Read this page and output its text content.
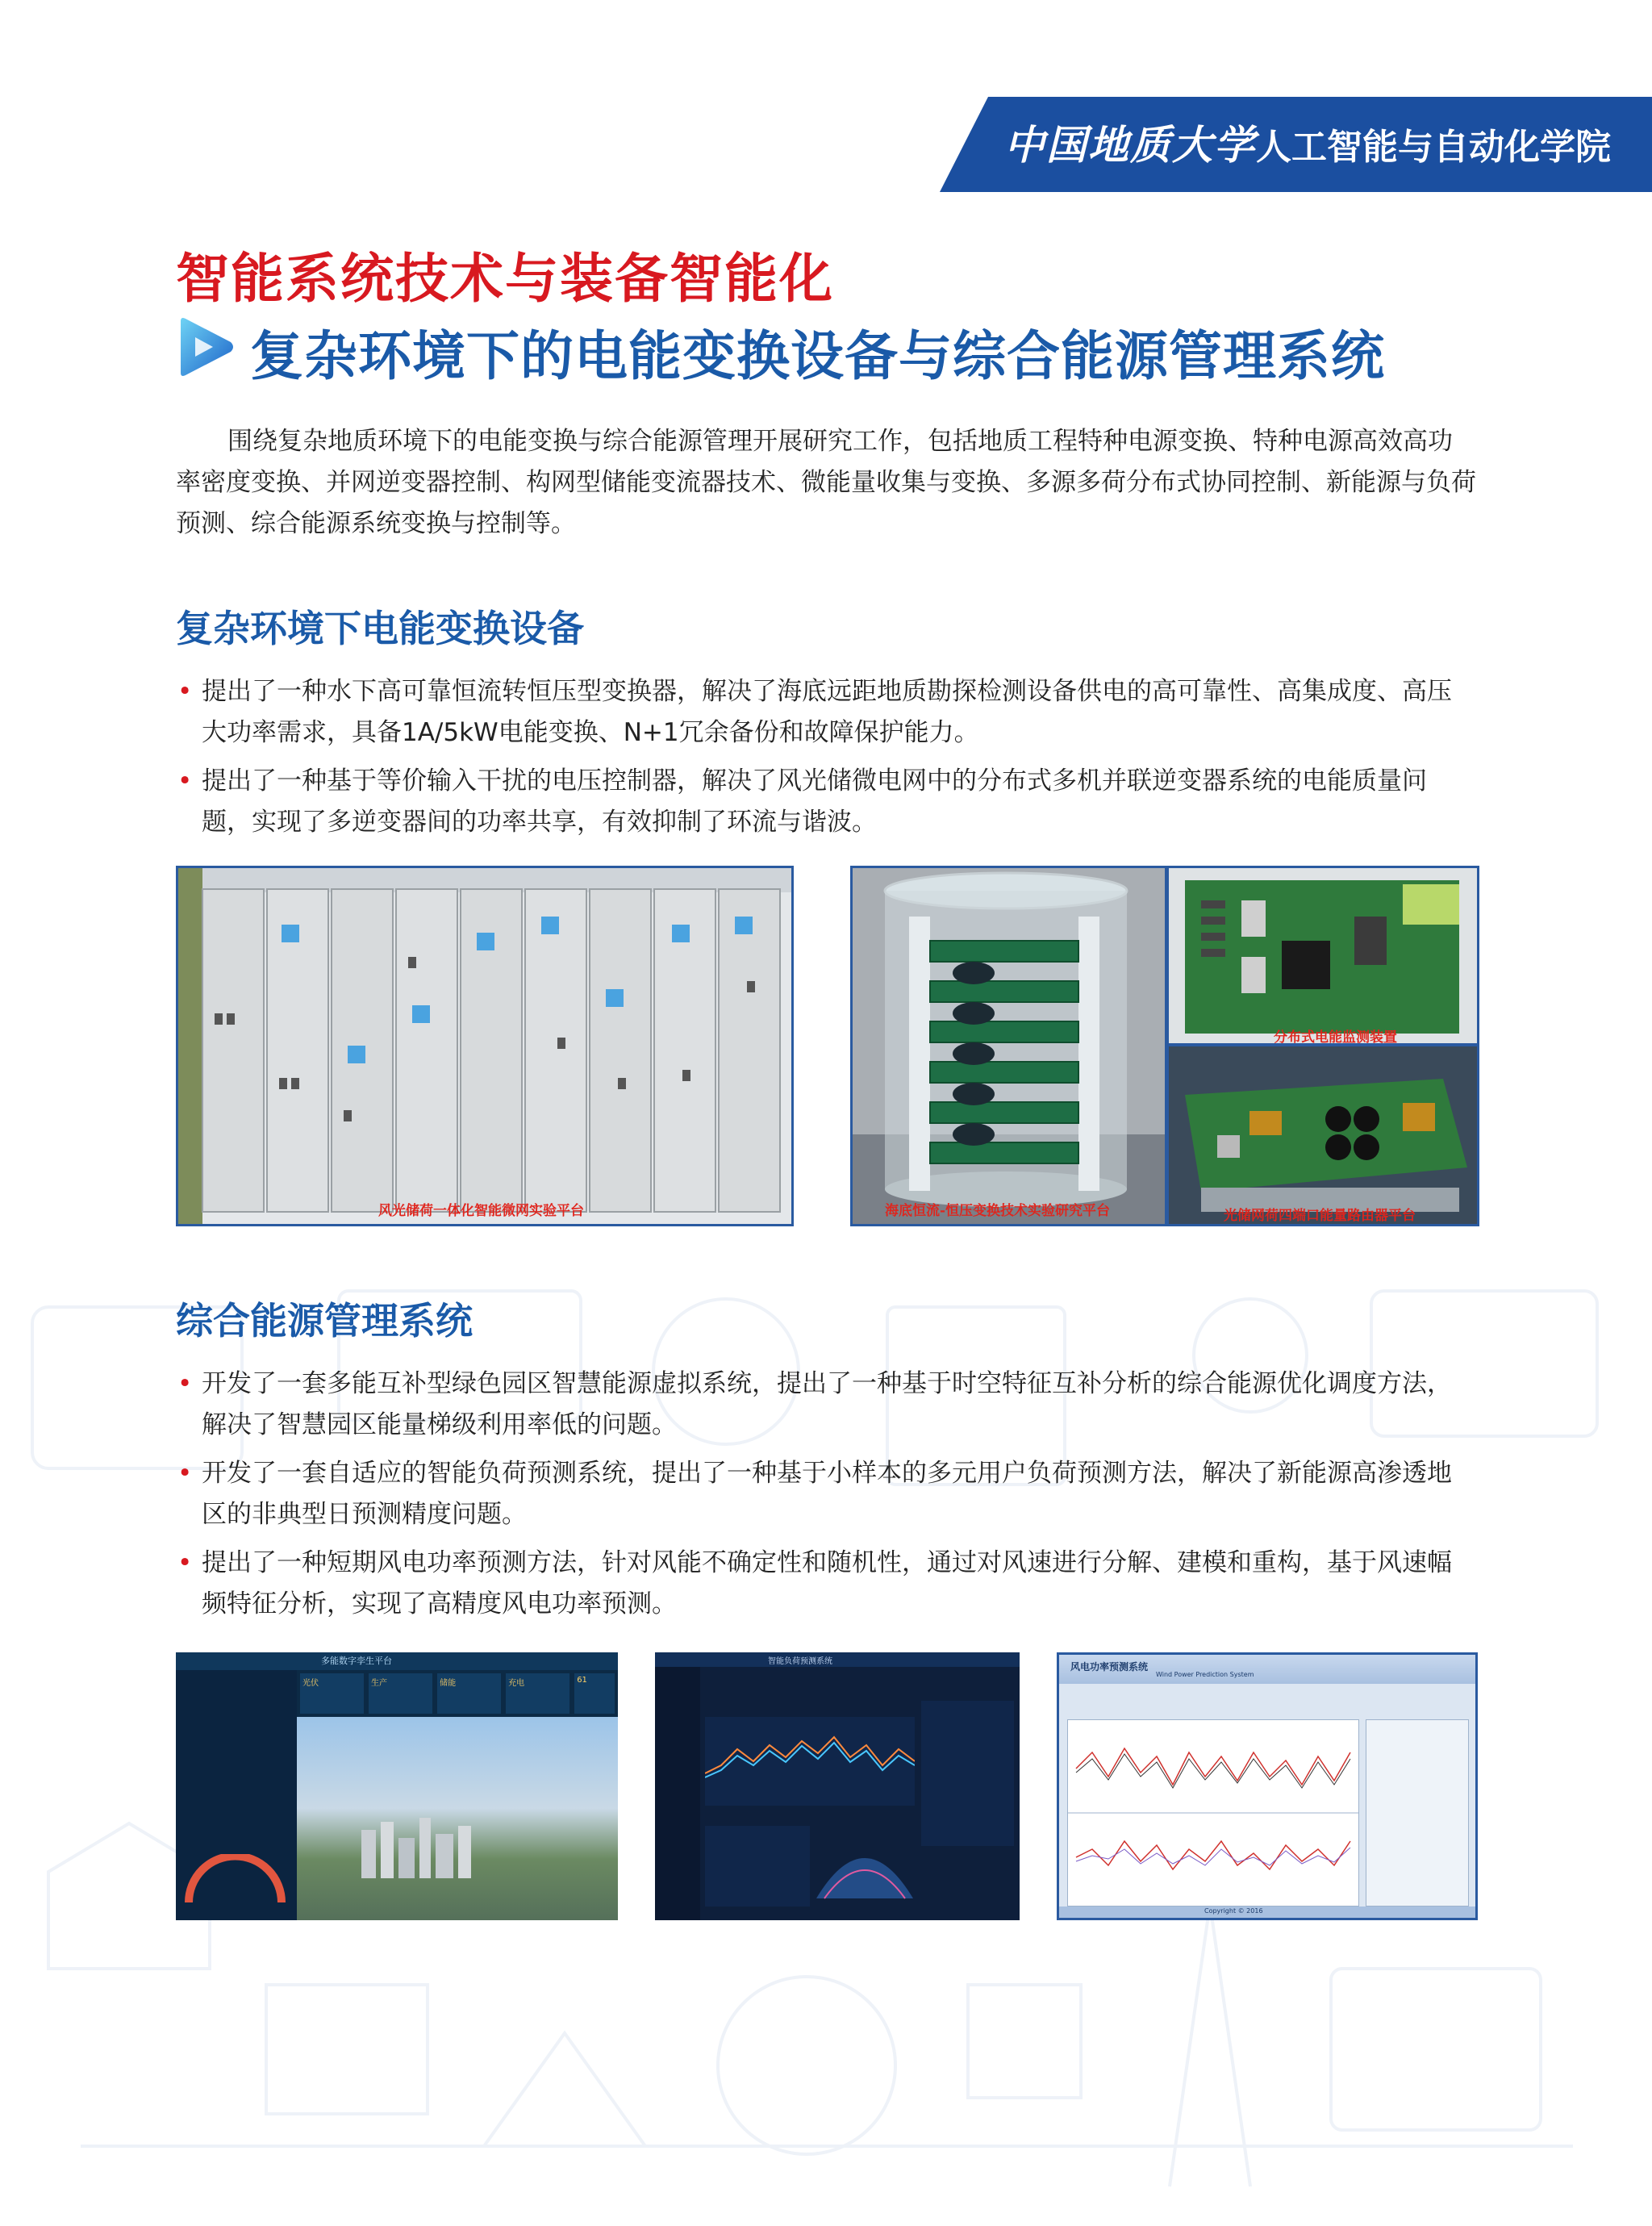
中国地质大学人工智能与自动化学院
智能系统技术与装备智能化
复杂环境下的电能变换设备与综合能源管理系统
围绕复杂地质环境下的电能变换与综合能源管理开展研究工作，包括地质工程特种电源变换、特种电源高效高功率密度变换、并网逆变器控制、构网型储能变流器技术、微能量收集与变换、多源多荷分布式协同控制、新能源与负荷预测、综合能源系统变换与控制等。
复杂环境下电能变换设备
• 提出了一种水下高可靠恒流转恒压型变换器，解决了海底远距地质勘探检测设备供电的高可靠性、高集成度、高压大功率需求，具备1A/5kW电能变换、N+1冗余备份和故障保护能力。
• 提出了一种基于等价输入干扰的电压控制器，解决了风光储微电网中的分布式多机并联逆变器系统的电能质量问题，实现了多逆变器间的功率共享，有效抑制了环流与谐波。
风光储荷一体化智能微网实验平台	海底恒流-恒压变换技术实验研究平台
分布式电能监测装置
光储网荷四端口能量路由器平台
综合能源管理系统
• 开发了一套多能互补型绿色园区智慧能源虚拟系统，提出了一种基于时空特征互补分析的综合能源优化调度方法，解决了智慧园区能量梯级利用率低的问题。
• 开发了一套自适应的智能负荷预测系统，提出了一种基于小样本的多元用户负荷预测方法，解决了新能源高渗透地区的非典型日预测精度问题。
• 提出了一种短期风电功率预测方法，针对风能不确定性和随机性，通过对风速进行分解、建模和重构，基于风速幅频特征分析，实现了高精度风电功率预测。
多能数字孪生平台
光伏	生产	储能	充电	61
智能负荷预测系统	风电功率预测系统
Wind Power Prediction System
Copyright © 2016
